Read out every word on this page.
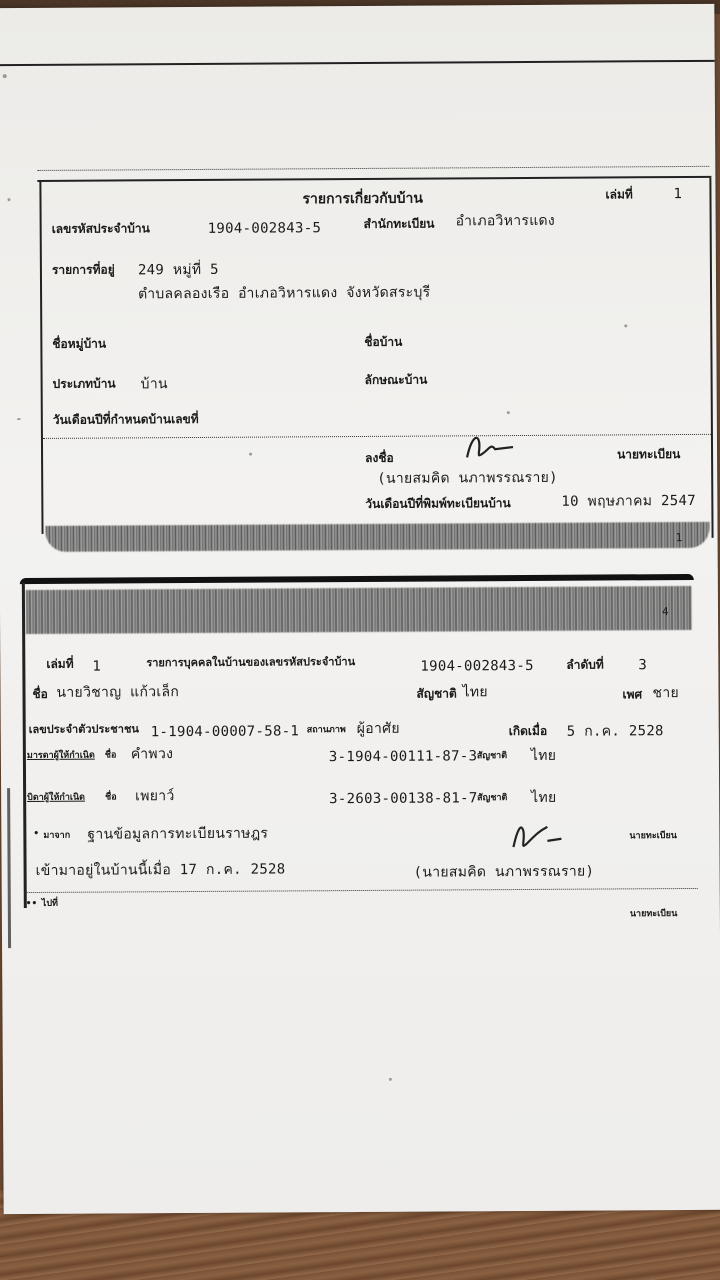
รายการเกี่ยวกับบ้าน	เล่มที่	1
เลขรหัสประจำบ้าน	1904-002843-5	สำนักทะเบียน อำเภอวิหารแดง
รายการที่อยู่ 249 หมู่ที่ 5
ตำบลคลองเรือ อำเภอวิหารแดง จังหวัดสระบุรี
ชื่อหมู่บ้าน	ชื่อบ้าน
ประเภทบ้าน บ้าน	ลักษณะบ้าน
วันเดือนปีที่กำหนดบ้านเลขที่
ลงชื่อ	นายทะเบียน
(นายสมคิด นภาพรรณราย)
วันเดือนปีที่พิมพ์ทะเบียนบ้าน	10 พฤษภาคม 2547
1
4
เล่มที่ 1	รายการบุคคลในบ้านของเลขรหัสประจำบ้าน	1904-002843-5	ลำดับที่ 3
ชื่อ นายวิชาญ แก้วเล็ก	สัญชาติ ไทย	เพศ ชาย
เลขประจำตัวประชาชน 1-1904-00007-58-1 สถานภาพ ผู้อาศัย	เกิดเมื่อ 5 ก.ค. 2528
มารดาผู้ให้กำเนิด ชื่อ คำพวง	3-1904-00111-87-3 สัญชาติ ไทย
บิดาผู้ให้กำเนิด ชื่อ เพยาว์	3-2603-00138-81-7 สัญชาติ ไทย
• มาจาก ฐานข้อมูลการทะเบียนราษฎร	นายทะเบียน
เข้ามาอยู่ในบ้านนี้เมื่อ 17 ก.ค. 2528	(นายสมคิด นภาพรรณราย)
•• ไปที่
นายทะเบียน
